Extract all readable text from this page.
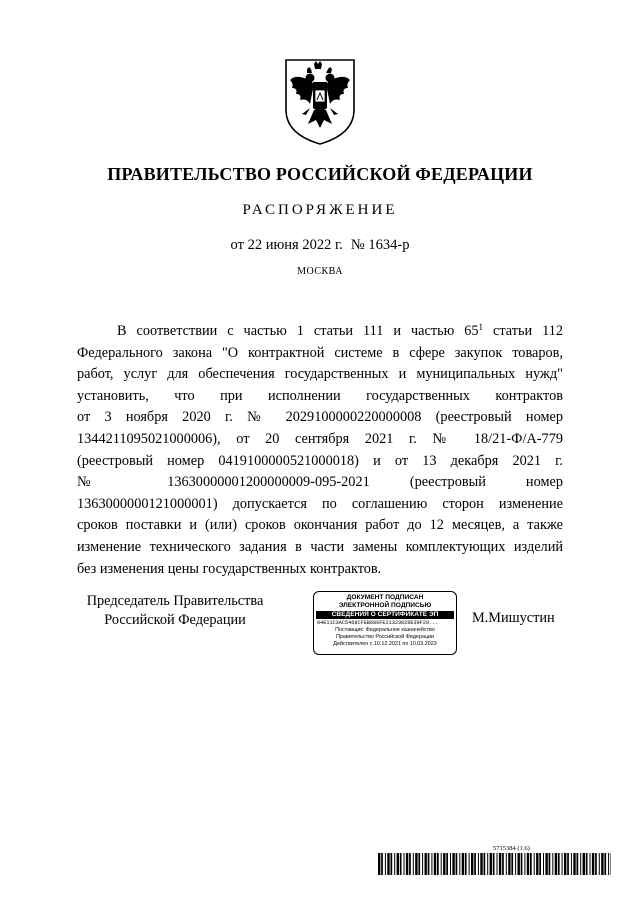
ПРАВИТЕЛЬСТВО РОССИЙСКОЙ ФЕДЕРАЦИИ
РАСПОРЯЖЕНИЕ
от 22 июня 2022 г. № 1634-р
МОСКВА
В соответствии с частью 1 статьи 111 и частью $65^1$ статьи 112
Федерального закона "О контрактной системе в сфере закупок товаров,
работ, услуг для обеспечения государственных и муниципальных нужд"
установить, что при исполнении государственных контрактов
от 3 ноября 2020 г. № 2029100000220000008 (реестровый номер
1344211095021000006), от 20 сентября 2021 г. № 18/21-Ф/А-779
(реестровый номер 0419100000521000018) и от 13 декабря 2021 г.
№ 13630000001200000009-095-2021 (реестровый номер
1363000000121000001) допускается по соглашению сторон изменение
сроков поставки и (или) сроков окончания работ до 12 месяцев, а также
изменение технического задания в части замены комплектующих изделий
без изменения цены государственных контрактов.
Председатель Правительства
Российской Федерации
ДОКУМЕНТ ПОДПИСАН
ЭЛЕКТРОННОЙ ПОДПИСЬЮ
СВЕДЕНИЯ О СЕРТИФИКАТЕ ЭП
04E11C3AC5468CFEB686FE21323028E39F29...
Поставщик: Федеральное казначейство
Правительство Российской Федерации
Действителен с 10.12.2021 по 10.03.2023
М.Мишустин
5715384 (1.6)
